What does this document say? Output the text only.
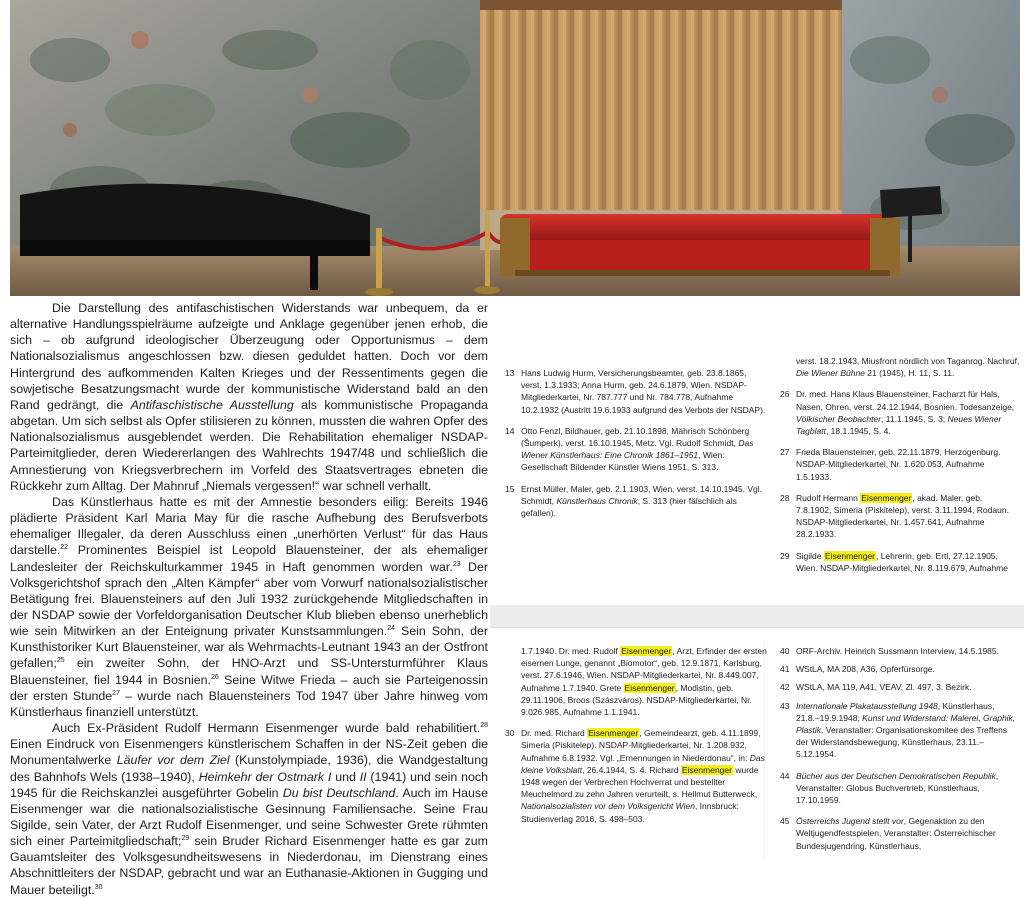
Die Darstellung des antifaschistischen Widerstands war unbequem, da er alternative Handlungsspielräume aufzeigte und Anklage gegenüber jenen erhob, die sich – ob aufgrund ideologischer Überzeugung oder Opportunismus – dem Nationalsozialismus angeschlossen bzw. diesen geduldet hatten. Doch vor dem Hintergrund des aufkommenden Kalten Krieges und der Ressentiments gegen die sowjetische Besatzungsmacht wurde der kommunistische Widerstand bald an den Rand gedrängt, die Antifaschistische Ausstellung als kommunistische Propaganda abgetan. Um sich selbst als Opfer stilisieren zu können, mussten die wahren Opfer des Nationalsozialismus ausgeblendet werden. Die Rehabilitation ehemaliger NSDAP-Parteimitglieder, deren Wiedererlangen des Wahlrechts 1947/48 und schließlich die Amnestierung von Kriegsverbrechern im Vorfeld des Staatsvertrages ebneten die Rückkehr zum Alltag. Der Mahnruf „Niemals vergessen!“ war schnell verhallt.

Das Künstlerhaus hatte es mit der Amnestie besonders eilig: Bereits 1946 plädierte Präsident Karl Maria May für die rasche Aufhebung des Berufsverbots ehemaliger Illegaler, da deren Ausschluss einen „unerhörten Verlust“ für das Haus darstelle.$^{22}$ Prominentes Beispiel ist Leopold Blauensteiner, der als ehemaliger Landesleiter der Reichskulturkammer 1945 in Haft genommen worden war.$^{23}$ Der Volksgerichtshof sprach den „Alten Kämpfer“ aber vom Vorwurf nationalsozialistischer Betätigung frei. Blauensteiners auf den Juli 1932 zurückgehende Mitgliedschaften in der NSDAP sowie der Vorfeldorganisation Deutscher Klub blieben ebenso unerheblich wie sein Mitwirken an der Enteignung privater Kunstsammlungen.$^{24}$ Sein Sohn, der Kunsthistoriker Kurt Blauensteiner, war als Wehrmachts-Leutnant 1943 an der Ostfront gefallen;$^{25}$ ein zweiter Sohn, der HNO-Arzt und SS-Untersturmführer Klaus Blauensteiner, fiel 1944 in Bosnien.$^{26}$ Seine Witwe Frieda – auch sie Parteigenossin der ersten Stunde$^{27}$ – wurde nach Blauensteiners Tod 1947 über Jahre hinweg vom Künstlerhaus finanziell unterstützt.

Auch Ex-Präsident Rudolf Hermann Eisenmenger wurde bald rehabilitiert.$^{28}$ Einen Eindruck von Eisenmengers künstlerischem Schaffen in der NS-Zeit geben die Monumentalwerke Läufer vor dem Ziel (Kunstolympiade, 1936), die Wandgestaltung des Bahnhofs Wels (1938–1940), Heimkehr der Ostmark I und II (1941) und sein noch 1945 für die Reichskanzlei ausgeführter Gobelin Du bist Deutschland. Auch im Hause Eisenmenger war die nationalsozialistische Gesinnung Familiensache. Seine Frau Sigilde, sein Vater, der Arzt Rudolf Eisenmenger, und seine Schwester Grete rühmten sich einer Parteimitgliedschaft;$^{29}$ sein Bruder Richard Eisenmenger hatte es gar zum Gauamtsleiter des Volksgesundheitswesens in Niederdonau, im Dienstrang eines Abschnittleiters der NSDAP, gebracht und war an Euthanasie-Aktionen in Gugging und Mauer beteiligt.$^{30}$

13 Hans Ludwig Hurm, Versicherungsbeamter, geb. 23.8.1865, verst. 1.3.1933; Anna Hurm, geb. 24.6.1879, Wien. NSDAP-Mitgliederkartei, Nr. 787.777 und Nr. 784.778, Aufnahme 10.2.1932 (Austritt 19.6.1933 aufgrund des Verbots der NSDAP).
14 Otto Fenzl, Bildhauer, geb. 21.10.1898, Mährisch Schönberg (Šumperk), verst. 16.10.1945, Metz. Vgl. Rudolf Schmidt, Das Wiener Künstlerhaus: Eine Chronik 1861–1951, Wien: Gesellschaft Bildender Künstler Wiens 1951, S. 313.
15 Ernst Müller, Maler, geb. 2.1.1903, Wien, verst. 14.10.1945. Vgl. Schmidt, Künstlerhaus Chronik, S. 313 (hier fälschlich als gefallen).
verst. 18.2.1943, Miusfront nördlich von Taganrog. Nachruf, Die Wiener Bühne 21 (1945), H. 11, S. 11.
26 Dr. med. Hans Klaus Blauensteiner, Facharzt für Hals, Nasen, Ohren, verst. 24.12.1944, Bosnien. Todesanzeige, Völkischer Beobachter, 11.1.1945, S. 3; Neues Wiener Tagblatt, 18.1.1945, S. 4.
27 Frieda Blauensteiner, geb. 22.11.1879, Herzogenburg. NSDAP-Mitgliederkartei, Nr. 1.620.053, Aufnahme 1.5.1933.
28 Rudolf Hermann Eisenmenger, akad. Maler, geb. 7.8.1902, Simeria (Piskitelep), verst. 3.11.1994, Rodaun. NSDAP-Mitgliederkartei, Nr. 1.457.641, Aufnahme 28.2.1933.
29 Sigilde Eisenmenger, Lehrerin, geb. Ertl, 27.12.1905, Wien. NSDAP-Mitgliederkartei, Nr. 8.119.679, Aufnahme
1.7.1940. Dr. med. Rudolf Eisenmenger, Arzt, Erfinder der ersten eisernen Lunge, genannt „Biomotor“, geb. 12.9.1871, Karlsburg, verst. 27.6.1946, Wien. NSDAP-Mitgliederkartei, Nr. 8.449.007, Aufnahme 1.7.1940. Grete Eisenmenger, Modistin, geb. 29.11.1906, Broos (Szászváros). NSDAP-Mitgliederkartei, Nr. 9.026.985, Aufnahme 1.1.1941.
30 Dr. med. Richard Eisenmenger, Gemeindearzt, geb. 4.11.1899, Simeria (Piskitelep). NSDAP-Mitgliederkartei, Nr. 1.208.932, Aufnahme 6.8.1932. Vgl. „Ernennungen in Niederdonau“, in: Das kleine Volksblatt, 26.4.1944, S. 4. Richard Eisenmenger wurde 1948 wegen der Verbrechen Hochverrat und bestellter Meuchelmord zu zehn Jahren verurteilt, s. Hellmut Butterweck, Nationalsozialisten vor dem Volksgericht Wien, Innsbruck: Studienverlag 2016, S. 498–503.
40 ORF-Archiv. Heinrich Sussmann Interview, 14.5.1985.
41 WStLA, MA 208, A36, Opferfürsorge.
42 WStLA, MA 119, A41, VEAV, Zl. 497, 3. Bezirk.
43 Internationale Plakatausstellung 1948, Künstlerhaus, 21.8.–19.9.1948; Kunst und Widerstand: Malerei, Graphik, Plastik, Veranstalter: Organisationskomitee des Treffens der Widerstandsbewegung, Künstlerhaus, 23.11.–5.12.1954.
44 Bücher aus der Deutschen Demokratischen Republik, Veranstalter: Globus Buchvertrieb, Künstlerhaus, 17.10.1959.
45 Österreichs Jugend stellt vor, Gegenaktion zu den Weltjugendfestspielen, Veranstalter: Österreichischer Bundesjugendring, Künstlerhaus,
